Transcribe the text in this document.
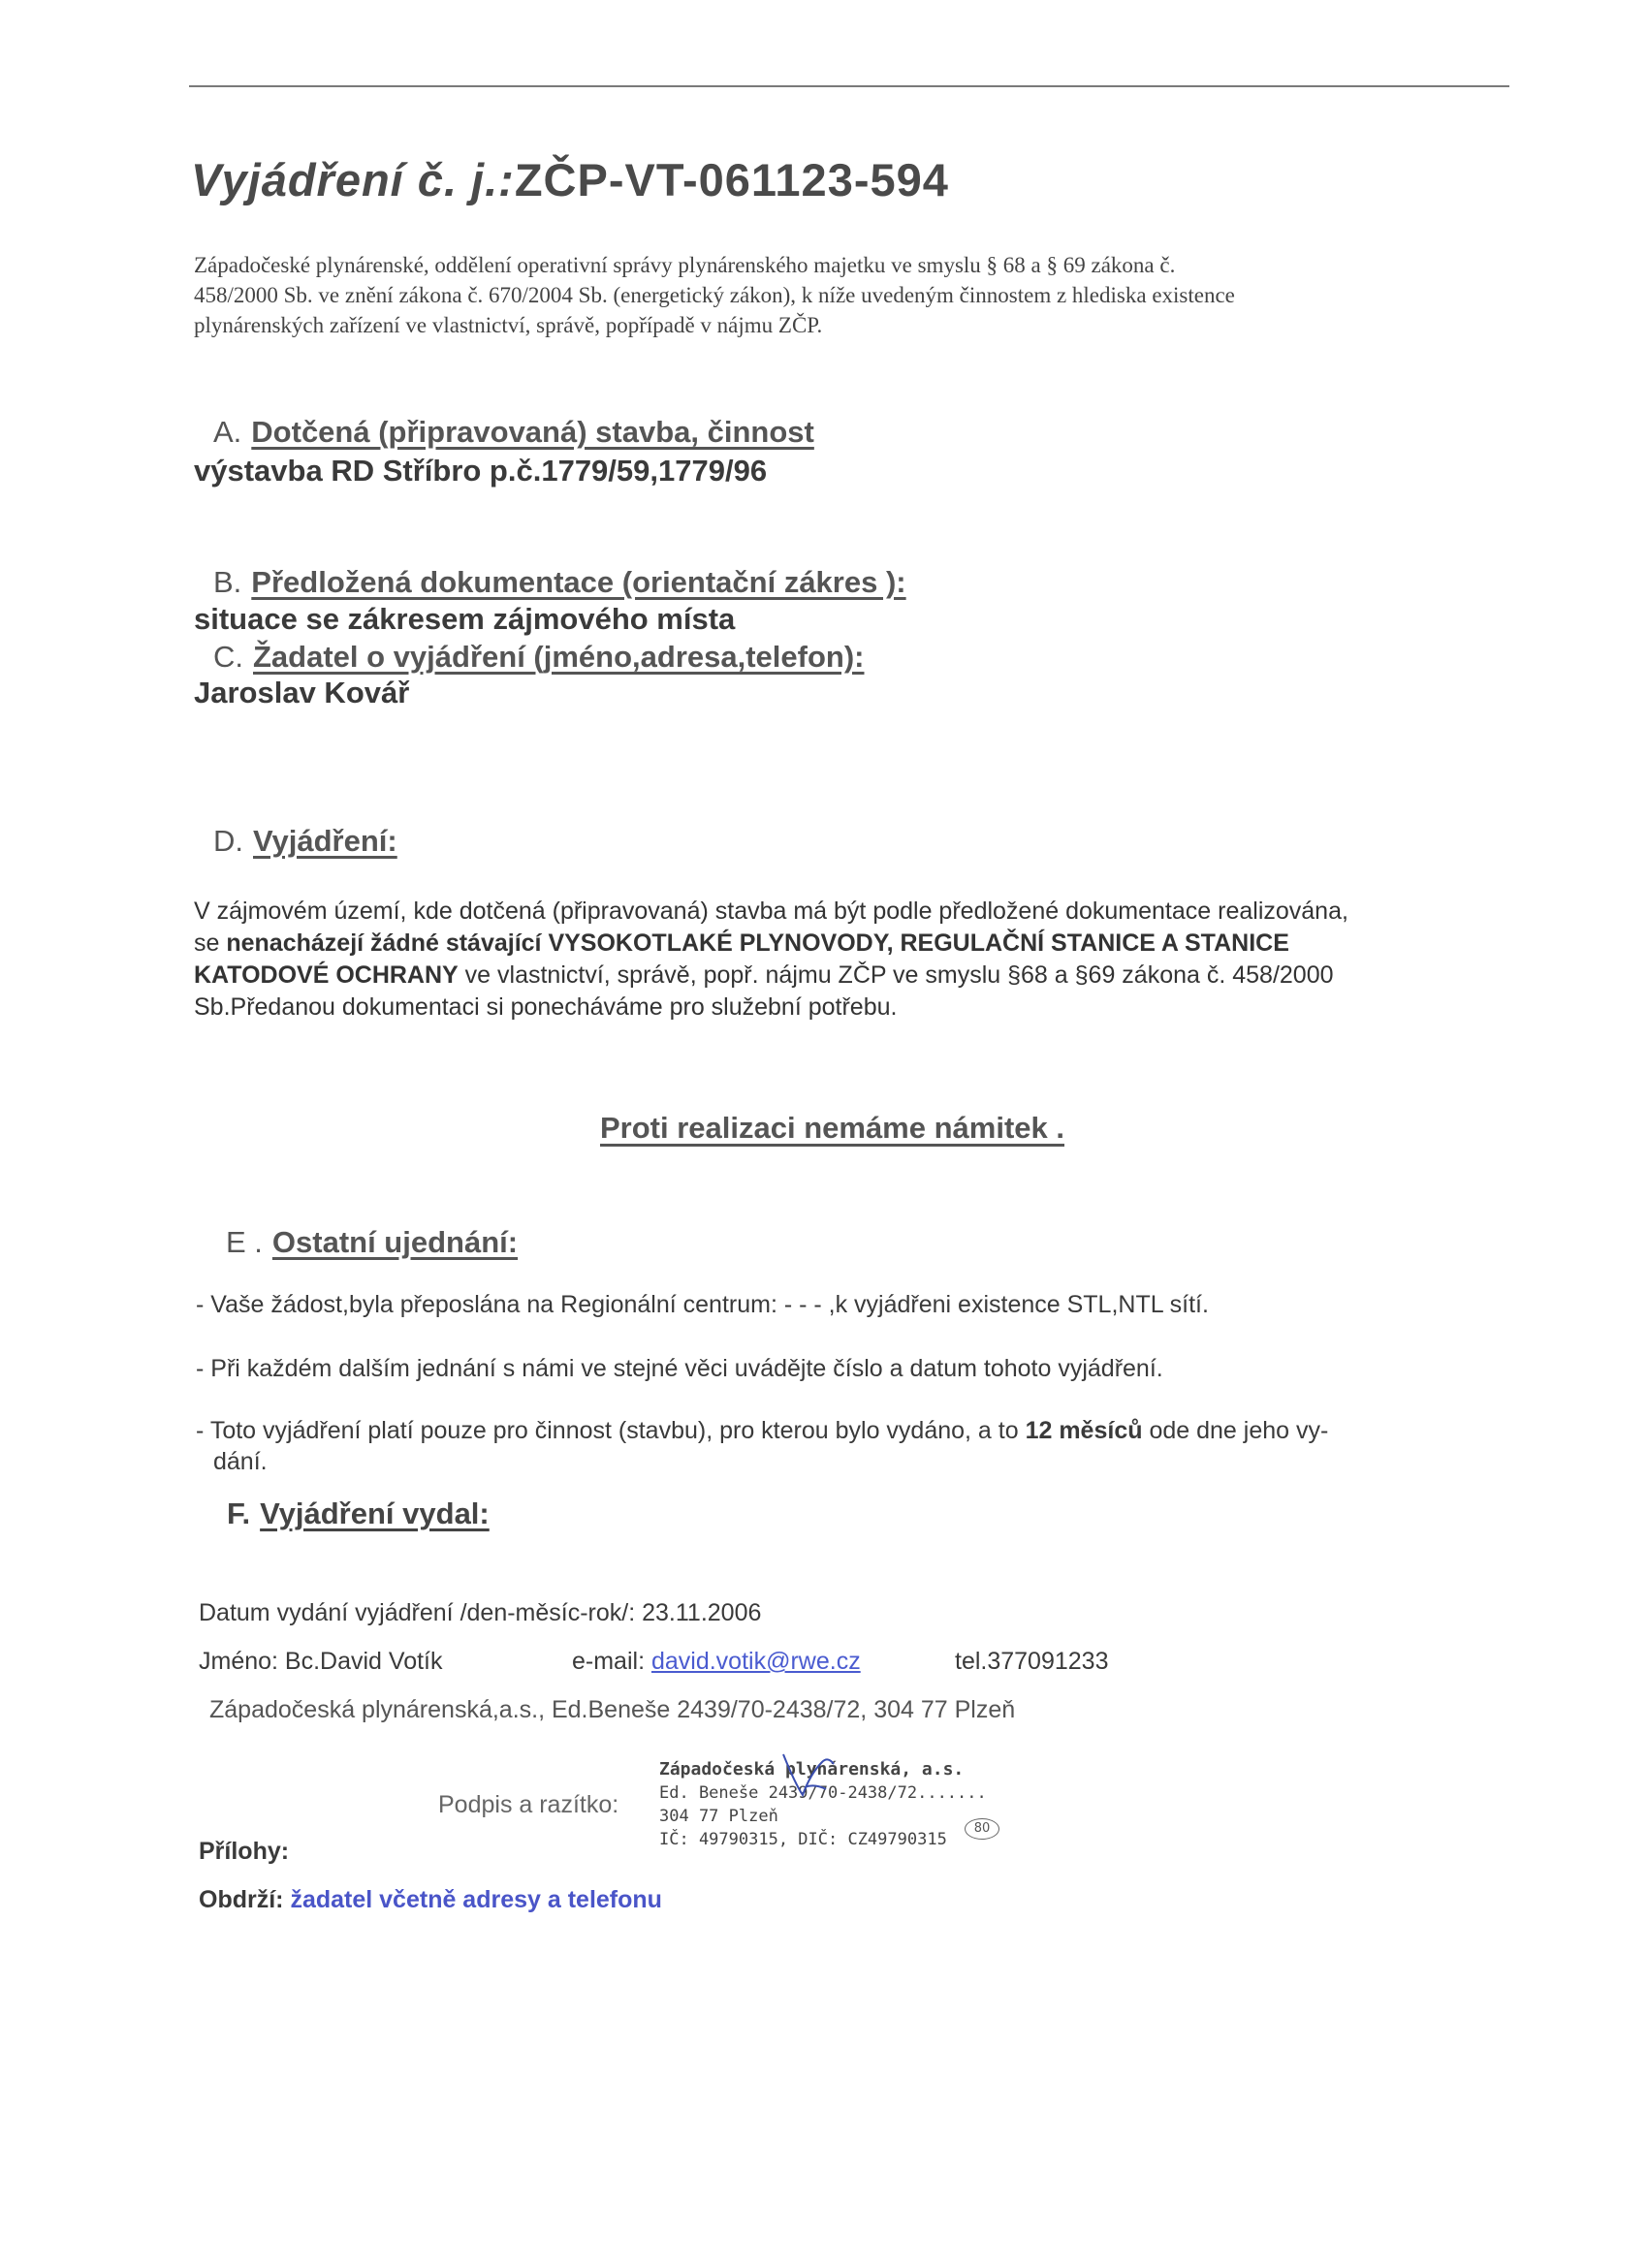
Vyjádření č. j.:ZČP-VT-061123-594
Západočeské plynárenské, oddělení operativní správy plynárenského majetku ve smyslu § 68 a § 69 zákona č.
458/2000 Sb. ve znění zákona č. 670/2004 Sb. (energetický zákon), k níže uvedeným činnostem z hlediska existence
plynárenských zařízení ve vlastnictví, správě, popřípadě v nájmu ZČP.
A. Dotčená (připravovaná) stavba, činnost
výstavba RD Stříbro p.č.1779/59,1779/96
B. Předložená dokumentace (orientační zákres ):
situace se zákresem zájmového místa
C. Žadatel o vyjádření (jméno,adresa,telefon):
Jaroslav Kovář
D. Vyjádření:
V zájmovém území, kde dotčená (připravovaná) stavba má být podle předložené dokumentace realizována,
se nenacházejí žádné stávající VYSOKOTLAKÉ PLYNOVODY, REGULAČNÍ STANICE A STANICE
KATODOVÉ OCHRANY ve vlastnictví, správě, popř. nájmu ZČP ve smyslu §68 a §69 zákona č. 458/2000
Sb.Předanou dokumentaci si ponecháváme pro služební potřebu.
Proti realizaci nemáme námitek .
E . Ostatní ujednání:
- Vaše žádost,byla přeposlána na Regionální centrum: - - - ,k vyjádřeni existence STL,NTL sítí.
- Při každém dalším jednání s námi ve stejné věci uvádějte číslo a datum tohoto vyjádření.
- Toto vyjádření platí pouze pro činnost (stavbu), pro kterou bylo vydáno, a to 12 měsíců ode dne jeho vy-
dání.
F. Vyjádření vydal:
Datum vydání vyjádření /den-měsíc-rok/: 23.11.2006
Jméno: Bc.David Votík	e-mail: david.votik@rwe.cz	tel.377091233
Západočeská plynárenská,a.s., Ed.Beneše 2439/70-2438/72, 304 77 Plzeň
Podpis a razítko:
Západočeská plynárenská, a.s.
Ed. Beneše 2439/70-2438/72.......
304 77 Plzeň
IČ: 49790315, DIČ: CZ49790315
80
Přílohy:
Obdrží: žadatel včetně adresy a telefonu
